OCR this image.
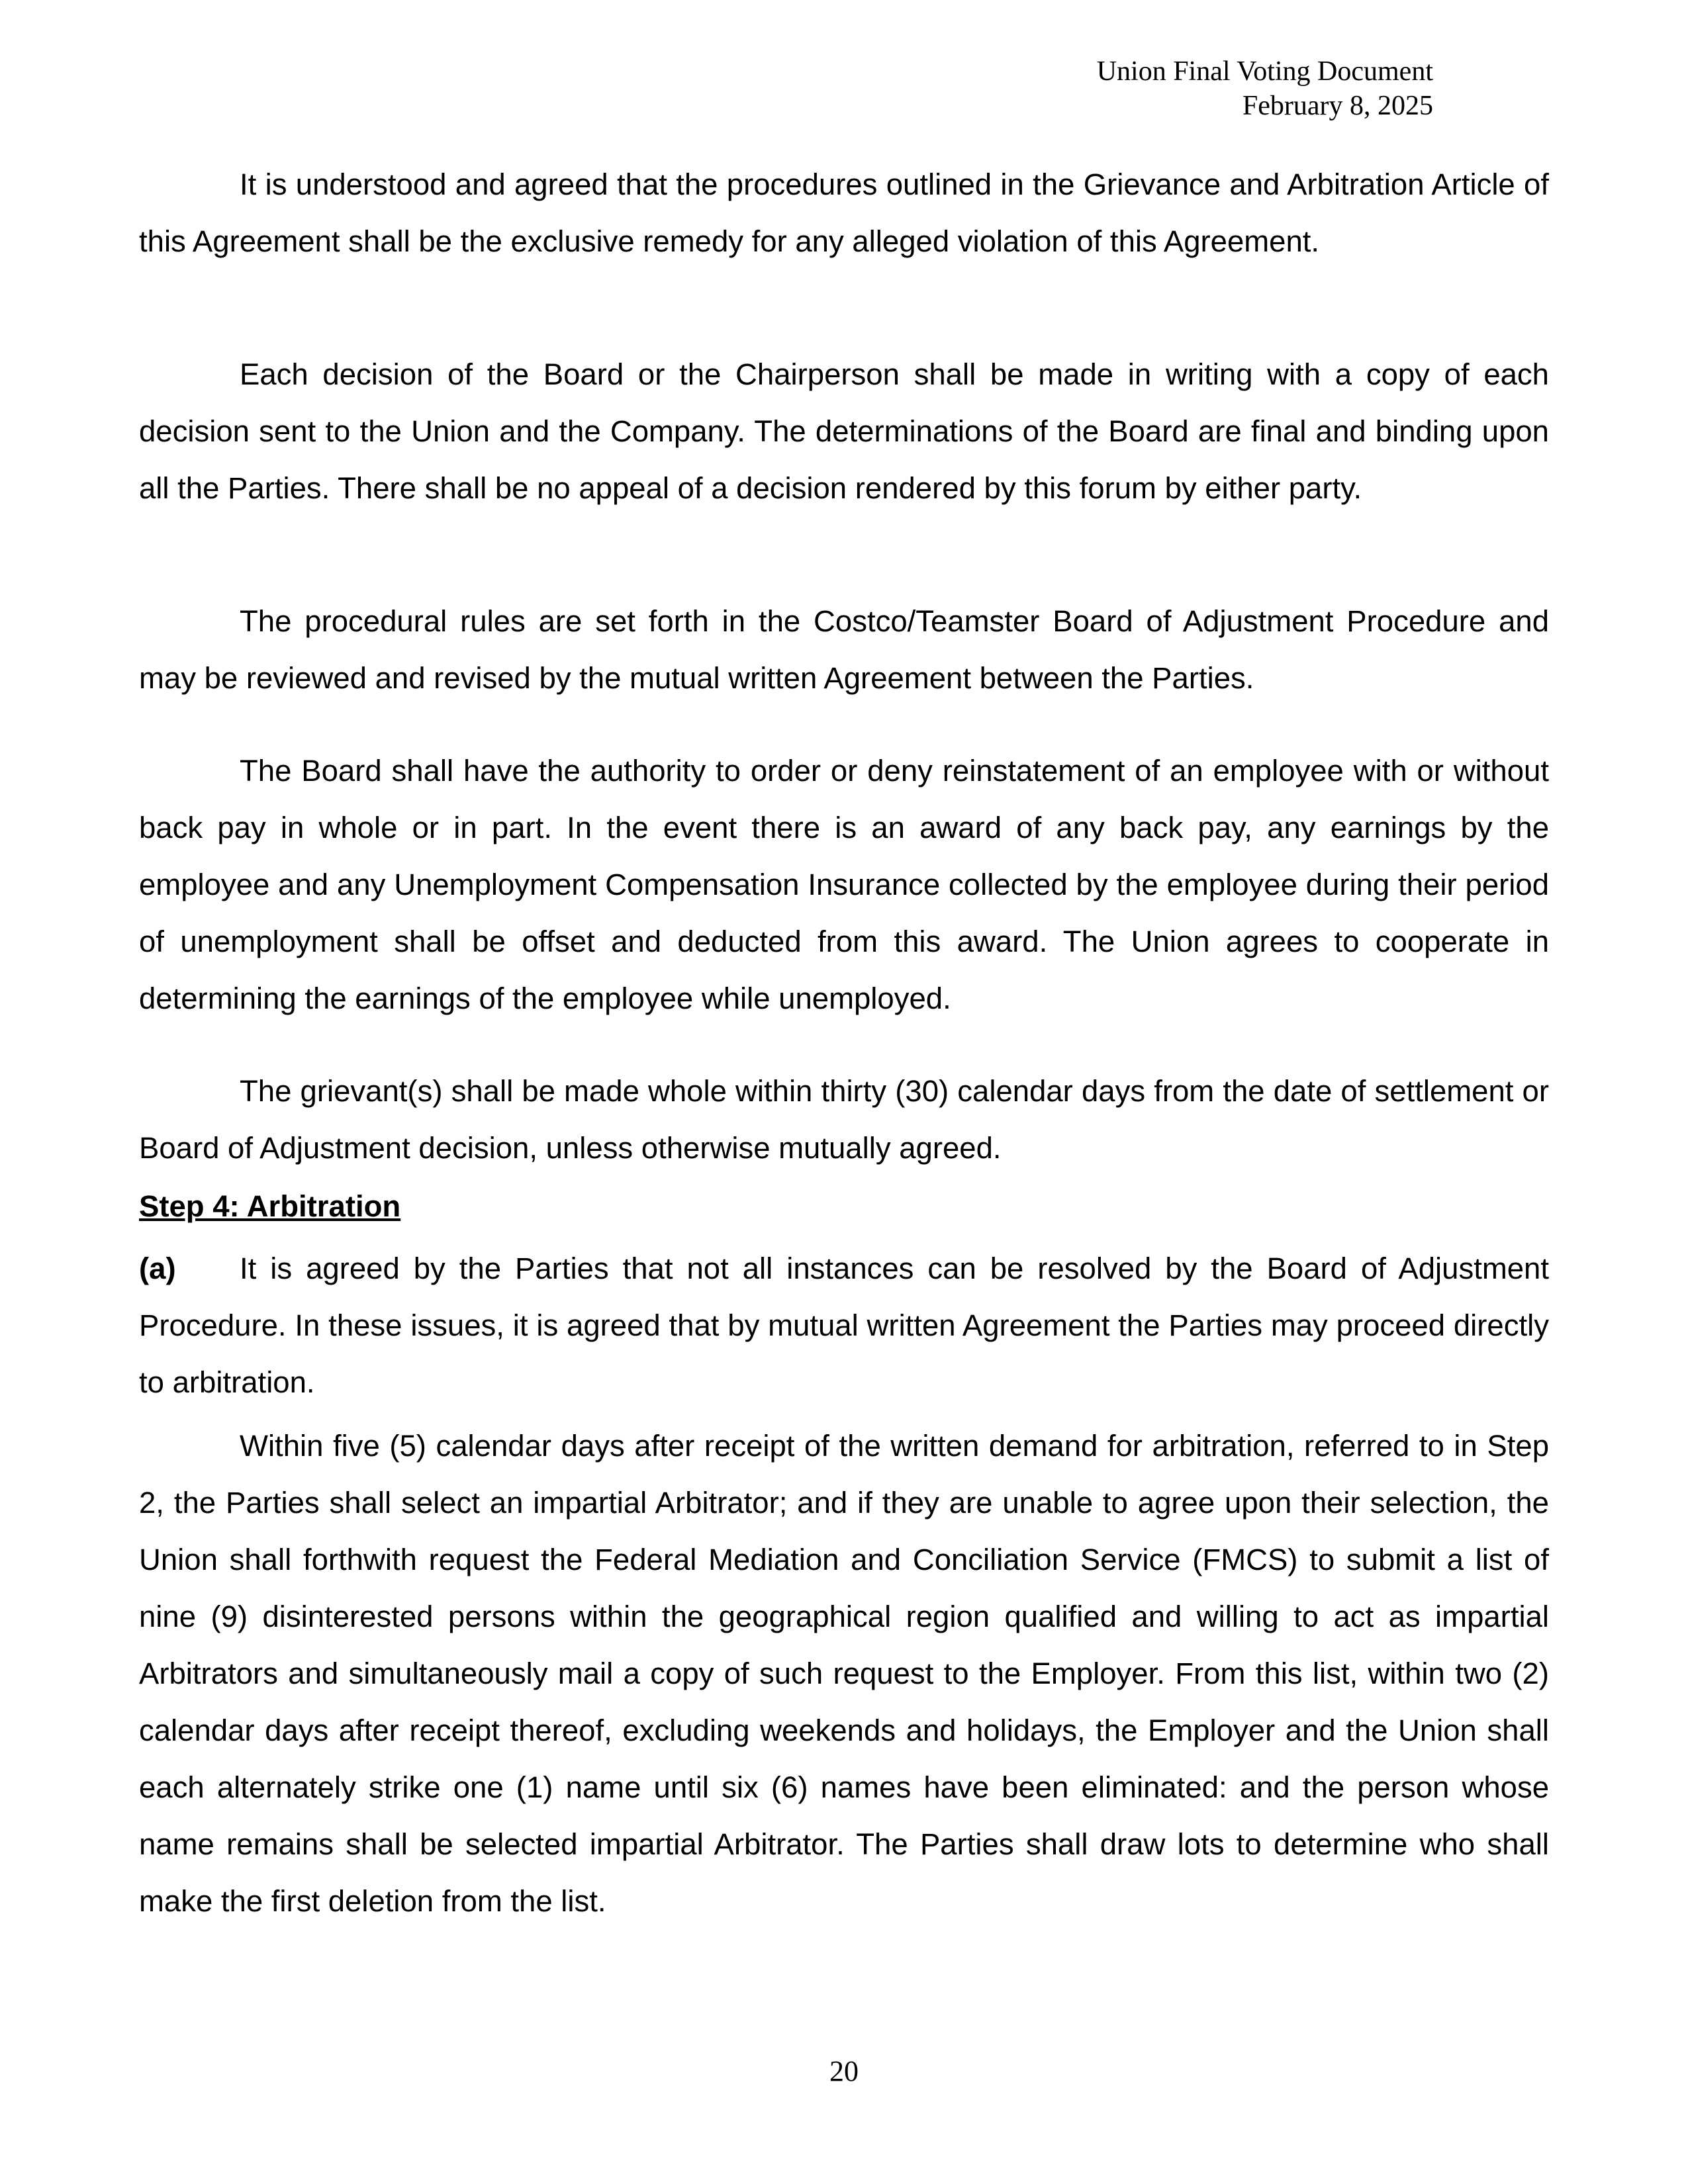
Union Final Voting Document
February 8, 2025

It is understood and agreed that the procedures outlined in the Grievance and Arbitration Article of this Agreement shall be the exclusive remedy for any alleged violation of this Agreement.

Each decision of the Board or the Chairperson shall be made in writing with a copy of each decision sent to the Union and the Company. The determinations of the Board are final and binding upon all the Parties. There shall be no appeal of a decision rendered by this forum by either party.

The procedural rules are set forth in the Costco/Teamster Board of Adjustment Procedure and may be reviewed and revised by the mutual written Agreement between the Parties.

The Board shall have the authority to order or deny reinstatement of an employee with or without back pay in whole or in part. In the event there is an award of any back pay, any earnings by the employee and any Unemployment Compensation Insurance collected by the employee during their period of unemployment shall be offset and deducted from this award. The Union agrees to cooperate in determining the earnings of the employee while unemployed.

The grievant(s) shall be made whole within thirty (30) calendar days from the date of settlement or Board of Adjustment decision, unless otherwise mutually agreed.

Step 4: Arbitration

(a) It is agreed by the Parties that not all instances can be resolved by the Board of Adjustment Procedure. In these issues, it is agreed that by mutual written Agreement the Parties may proceed directly to arbitration.

Within five (5) calendar days after receipt of the written demand for arbitration, referred to in Step 2, the Parties shall select an impartial Arbitrator; and if they are unable to agree upon their selection, the Union shall forthwith request the Federal Mediation and Conciliation Service (FMCS) to submit a list of nine (9) disinterested persons within the geographical region qualified and willing to act as impartial Arbitrators and simultaneously mail a copy of such request to the Employer. From this list, within two (2) calendar days after receipt thereof, excluding weekends and holidays, the Employer and the Union shall each alternately strike one (1) name until six (6) names have been eliminated: and the person whose name remains shall be selected impartial Arbitrator. The Parties shall draw lots to determine who shall make the first deletion from the list.

20
